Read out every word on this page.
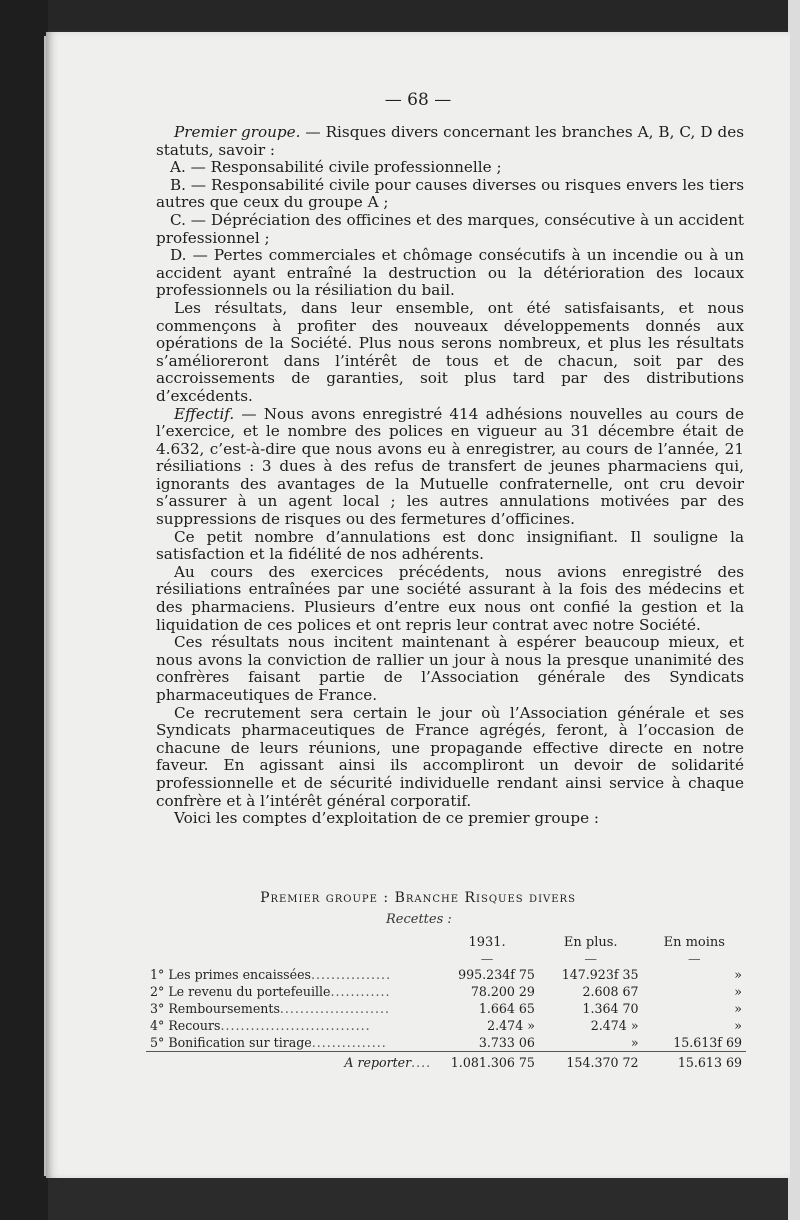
— 68 —

Premier groupe. — Risques divers concernant les branches A, B, C, D des statuts, savoir :

A. — Responsabilité civile professionnelle ;

B. — Responsabilité civile pour causes diverses ou risques envers les tiers autres que ceux du groupe A ;

C. — Dépréciation des officines et des marques, consécutive à un accident professionnel ;

D. — Pertes commerciales et chômage consécutifs à un incendie ou à un accident ayant entraîné la destruction ou la détérioration des locaux professionnels ou la résiliation du bail.

Les résultats, dans leur ensemble, ont été satisfaisants, et nous commençons à profiter des nouveaux développements donnés aux opérations de la Société. Plus nous serons nombreux, et plus les résultats s’amélioreront dans l’intérêt de tous et de chacun, soit par des accroissements de garanties, soit plus tard par des distributions d’excédents.

Effectif. — Nous avons enregistré 414 adhésions nouvelles au cours de l’exercice, et le nombre des polices en vigueur au 31 décembre était de 4.632, c’est-à-dire que nous avons eu à enregistrer, au cours de l’année, 21 résiliations : 3 dues à des refus de transfert de jeunes pharmaciens qui, ignorants des avantages de la Mutuelle confraternelle, ont cru devoir s’assurer à un agent local ; les autres annulations motivées par des suppressions de risques ou des fermetures d’officines.

Ce petit nombre d’annulations est donc insignifiant. Il souligne la satisfaction et la fidélité de nos adhérents.

Au cours des exercices précédents, nous avions enregistré des résiliations entraînées par une société assurant à la fois des médecins et des pharmaciens. Plusieurs d’entre eux nous ont confié la gestion et la liquidation de ces polices et ont repris leur contrat avec notre Société.

Ces résultats nous incitent maintenant à espérer beaucoup mieux, et nous avons la conviction de rallier un jour à nous la presque unanimité des confrères faisant partie de l’Association générale des Syndicats pharmaceutiques de France.

Ce recrutement sera certain le jour où l’Association générale et ses Syndicats pharmaceutiques de France agrégés, feront, à l’occasion de chacune de leurs réunions, une propagande effective directe en notre faveur. En agissant ainsi ils accompliront un devoir de solidarité professionnelle et de sécurité individuelle rendant ainsi service à chaque confrère et à l’intérêt général corporatif.

Voici les comptes d’exploitation de ce premier groupe :

Premier groupe : Branche Risques divers
Recettes :
	1931.	En plus.	En moins
	—	—	—
1° Les primes encaissées................	995.234f 75	147.923f 35	»
2° Le revenu du portefeuille............	78.200 29	2.608 67	»
3° Remboursements......................	1.664 65	1.364 70	»
4° Recours..............................	2.474 »	2.474 »	»
5° Bonification sur tirage...............	3.733 06	»	15.613f 69
A reporter....	1.081.306 75	154.370 72	15.613 69
